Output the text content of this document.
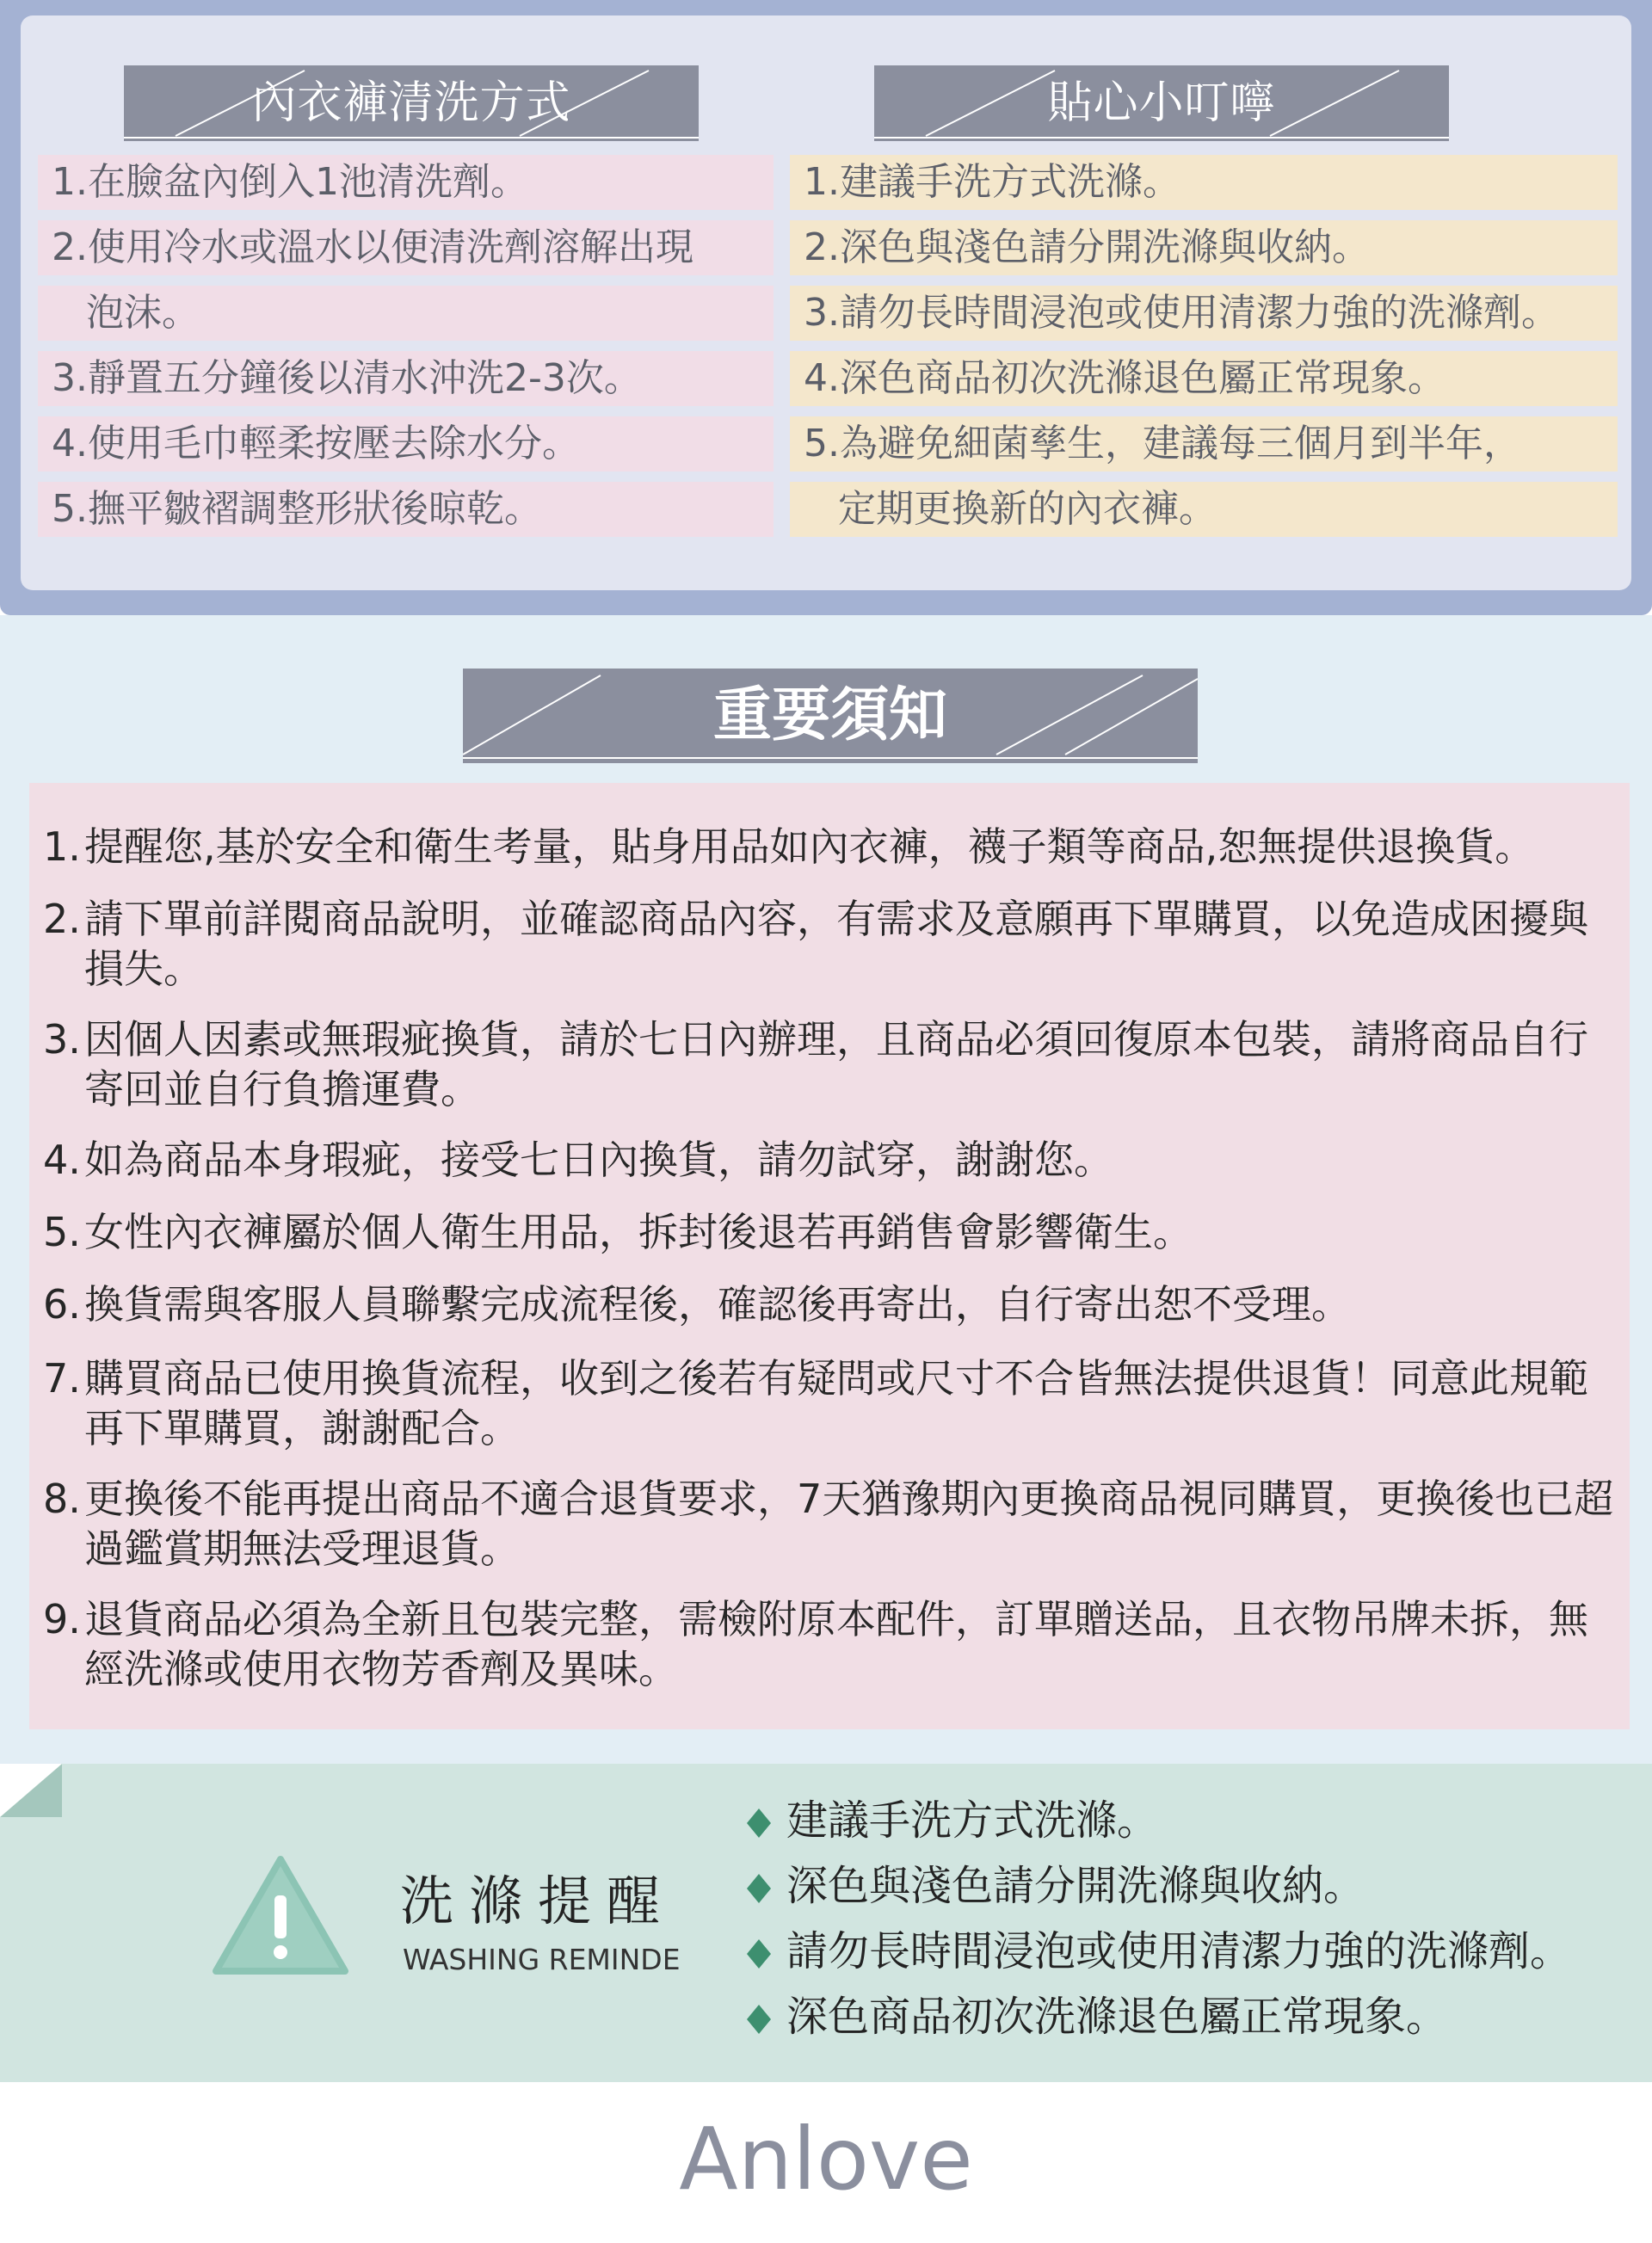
內衣褲清洗方式	貼心小叮嚀
1.在臉盆內倒入1池清洗劑。
2.使用冷水或溫水以便清洗劑溶解出現
泡沫。
3.靜置五分鐘後以清水沖洗2-3次。
4.使用毛巾輕柔按壓去除水分。
5.撫平皺褶調整形狀後晾乾。
1.建議手洗方式洗滌。
2.深色與淺色請分開洗滌與收納。
3.請勿長時間浸泡或使用清潔力強的洗滌劑。
4.深色商品初次洗滌退色屬正常現象。
5.為避免細菌孳生，建議每三個月到半年，
定期更換新的內衣褲。
重要須知
1. 提醒您,基於安全和衛生考量，貼身用品如內衣褲，襪子類等商品,恕無提供退換貨。
2. 請下單前詳閱商品說明，並確認商品內容，有需求及意願再下單購買，以免造成困擾與損失。
3. 因個人因素或無瑕疵換貨，請於七日內辦理，且商品必須回復原本包裝，請將商品自行寄回並自行負擔運費。
4. 如為商品本身瑕疵，接受七日內換貨，請勿試穿，謝謝您。
5. 女性內衣褲屬於個人衛生用品，拆封後退若再銷售會影響衛生。
6. 換貨需與客服人員聯繫完成流程後，確認後再寄出，自行寄出恕不受理。
7. 購買商品已使用換貨流程，收到之後若有疑問或尺寸不合皆無法提供退貨！同意此規範再下單購買，謝謝配合。
8. 更換後不能再提出商品不適合退貨要求，7天猶豫期內更換商品視同購買，更換後也已超過鑑賞期無法受理退貨。
9. 退貨商品必須為全新且包裝完整，需檢附原本配件，訂單贈送品，且衣物吊牌未拆，無經洗滌或使用衣物芳香劑及異味。
洗滌提醒
WASHING REMINDE
建議手洗方式洗滌。
深色與淺色請分開洗滌與收納。
請勿長時間浸泡或使用清潔力強的洗滌劑。
深色商品初次洗滌退色屬正常現象。
Anlove
